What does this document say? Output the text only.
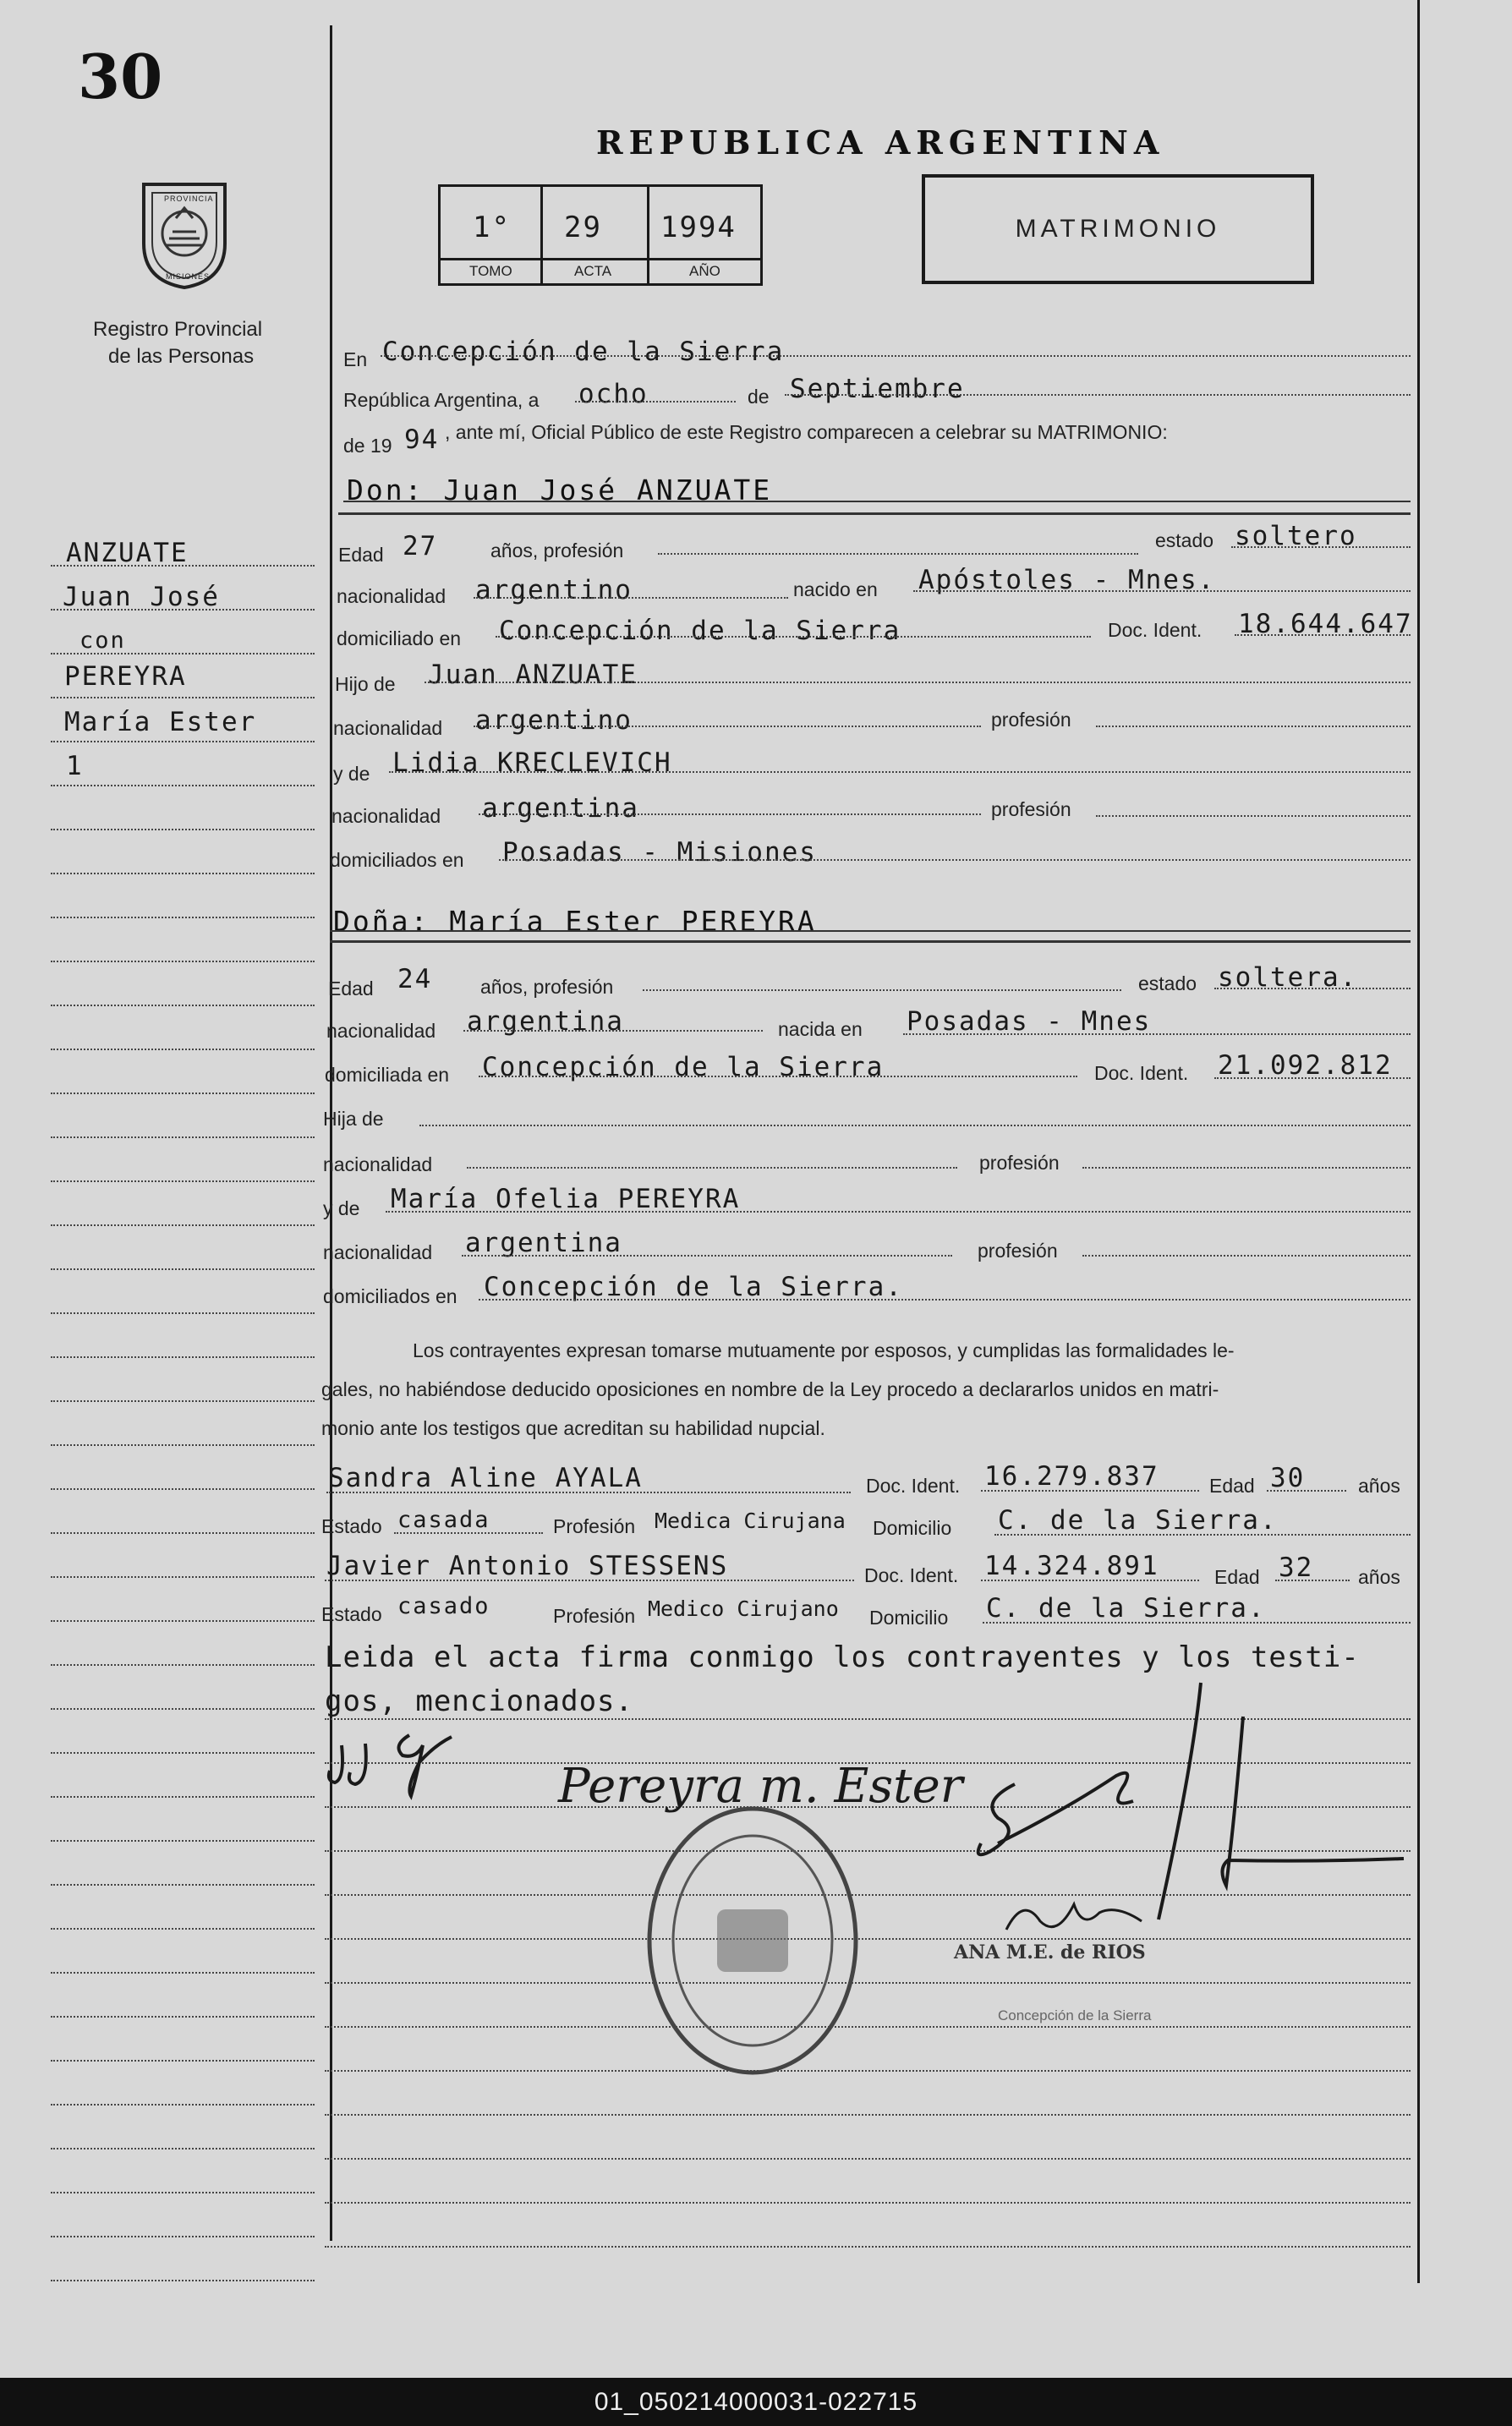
30
PROVINCIA
MISIONES
Registro Provincial
de las Personas
REPUBLICA ARGENTINA
1° 29 1994
TOMO	ACTA	AÑO
MATRIMONIO
ANZUATE
Juan José
con
PEREYRA
María Ester
1
En Concepción de la Sierra
República Argentina, a ocho	de Septiembre
de 19 94 , ante mí, Oficial Público de este Registro comparecen a celebrar su MATRIMONIO:
Don: Juan José ANZUATE
Edad 27	años, profesión	estado soltero
nacionalidad argentino	nacido en Apóstoles - Mnes.
domiciliado en Concepción de la Sierra	Doc. Ident. 18.644.647
Hijo de Juan ANZUATE
nacionalidad argentino	profesión
y de Lidia KRECLEVICH
nacionalidad argentina	profesión
domiciliados en Posadas - Misiones
Doña: María Ester PEREYRA
Edad 24 años, profesión	estado soltera.
nacionalidad argentina	nacida en Posadas - Mnes
domiciliada en Concepción de la Sierra	Doc. Ident. 21.092.812
Hija de
nacionalidad	profesión
y de María Ofelia PEREYRA
nacionalidad argentina	profesión
domiciliados en Concepción de la Sierra.
Los contrayentes expresan tomarse mutuamente por esposos, y cumplidas las formalidades le-
gales, no habiéndose deducido oposiciones en nombre de la Ley procedo a declararlos unidos en matri-
monio ante los testigos que acreditan su habilidad nupcial.
Sandra Aline AYALA	Doc. Ident. 16.279.837	Edad 30	años
Estado casada	Profesión Medica Cirujana Domicilio C. de la Sierra.
Javier Antonio STESSENS	Doc. Ident. 14.324.891	Edad 32 años
Estado casado	Profesión Medico Cirujano Domicilio C. de la Sierra.
Leida el acta firma conmigo los contrayentes y los testi-
gos, mencionados.
Pereyra m. Ester
ANA M.E. de RIOS
Concepción de la Sierra
01_050214000031-022715
